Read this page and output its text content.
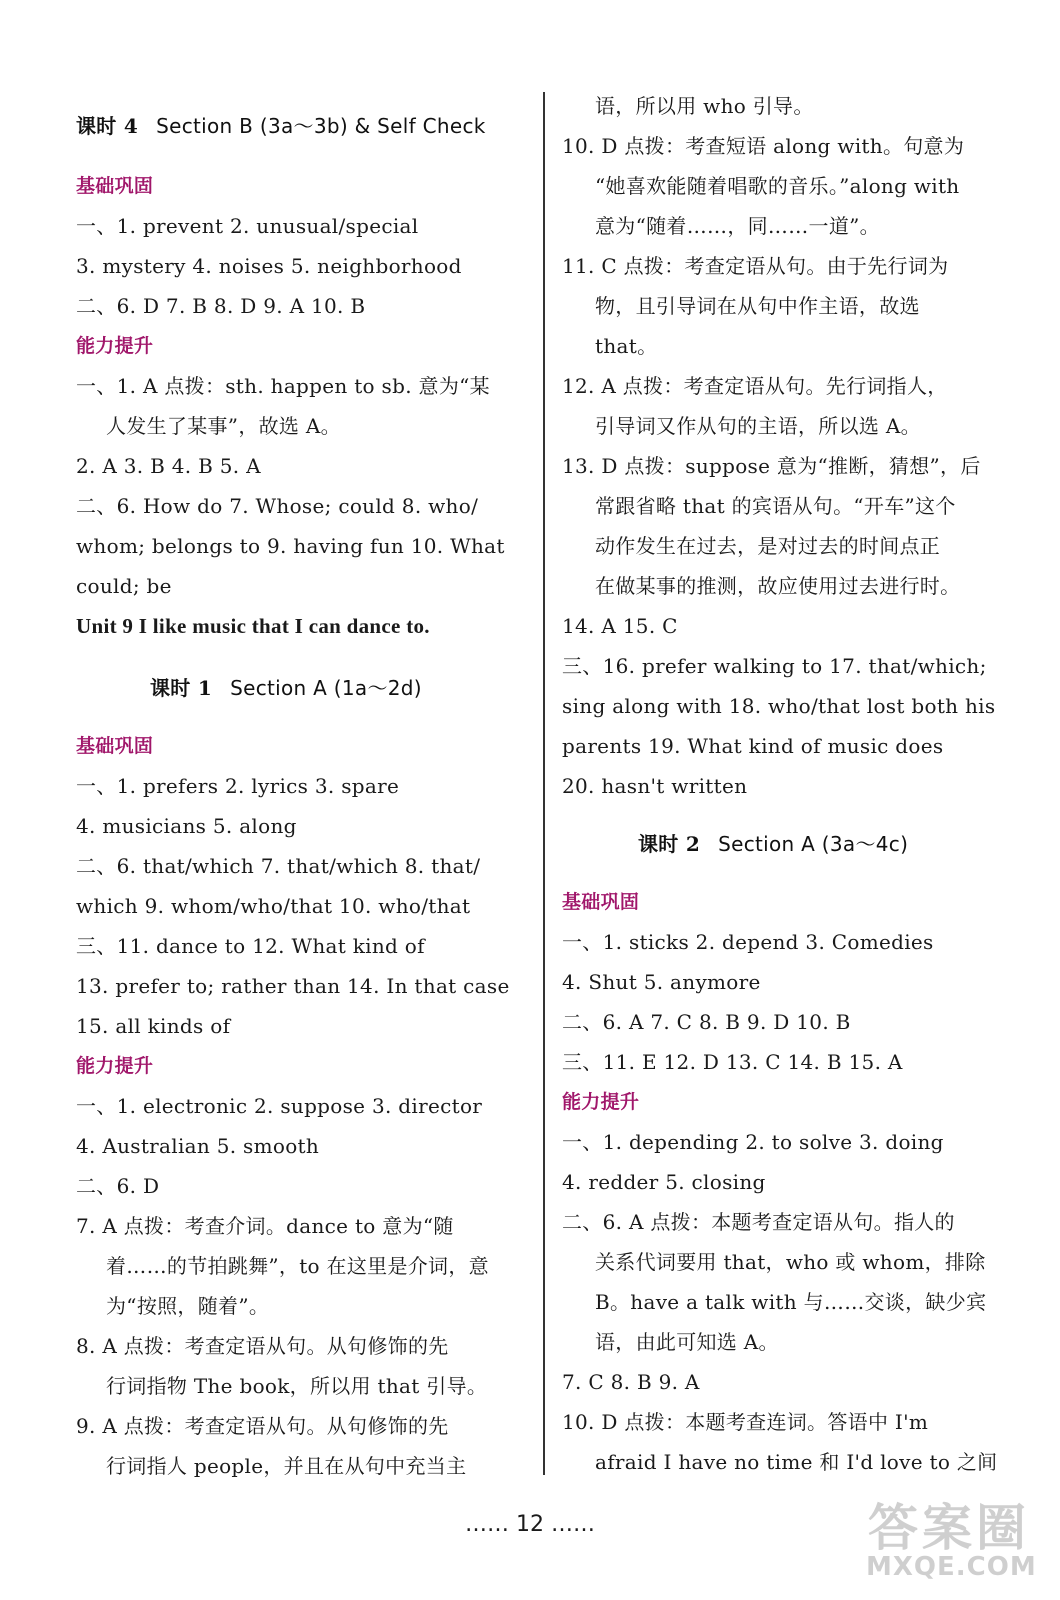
课时 4 Section B (3a～3b) & Self Check
基础巩固
一、1. prevent 2. unusual/special
3. mystery 4. noises 5. neighborhood
二、6. D 7. B 8. D 9. A 10. B
能力提升
一、1. A 点拨：sth. happen to sb. 意为“某
人发生了某事”，故选 A。
2. A 3. B 4. B 5. A
二、6. How do 7. Whose; could 8. who/
whom; belongs to 9. having fun 10. What
could; be
Unit 9 I like music that I can dance to.
课时 1 Section A (1a～2d)
基础巩固
一、1. prefers 2. lyrics 3. spare
4. musicians 5. along
二、6. that/which 7. that/which 8. that/
which 9. whom/who/that 10. who/that
三、11. dance to 12. What kind of
13. prefer to; rather than 14. In that case
15. all kinds of
能力提升
一、1. electronic 2. suppose 3. director
4. Australian 5. smooth
二、6. D
7. A 点拨：考查介词。dance to 意为“随
着……的节拍跳舞”，to 在这里是介词，意
为“按照，随着”。
8. A 点拨：考查定语从句。从句修饰的先
行词指物 The book，所以用 that 引导。
9. A 点拨：考查定语从句。从句修饰的先
行词指人 people，并且在从句中充当主
语，所以用 who 引导。
10. D 点拨：考查短语 along with。句意为
“她喜欢能随着唱歌的音乐。”along with
意为“随着……，同……一道”。
11. C 点拨：考查定语从句。由于先行词为
物，且引导词在从句中作主语，故选
that。
12. A 点拨：考查定语从句。先行词指人，
引导词又作从句的主语，所以选 A。
13. D 点拨：suppose 意为“推断，猜想”，后
常跟省略 that 的宾语从句。“开车”这个
动作发生在过去，是对过去的时间点正
在做某事的推测，故应使用过去进行时。
14. A 15. C
三、16. prefer walking to 17. that/which;
sing along with 18. who/that lost both his
parents 19. What kind of music does
20. hasn't written
课时 2 Section A (3a～4c)
基础巩固
一、1. sticks 2. depend 3. Comedies
4. Shut 5. anymore
二、6. A 7. C 8. B 9. D 10. B
三、11. E 12. D 13. C 14. B 15. A
能力提升
一、1. depending 2. to solve 3. doing
4. redder 5. closing
二、6. A 点拨：本题考查定语从句。指人的
关系代词要用 that，who 或 whom，排除
B。have a talk with 与……交谈，缺少宾
语，由此可知选 A。
7. C 8. B 9. A
10. D 点拨：本题考查连词。答语中 I'm
afraid I have no time 和 I'd love to 之间
…… 12 ……	答案圈
MXQE.COM
